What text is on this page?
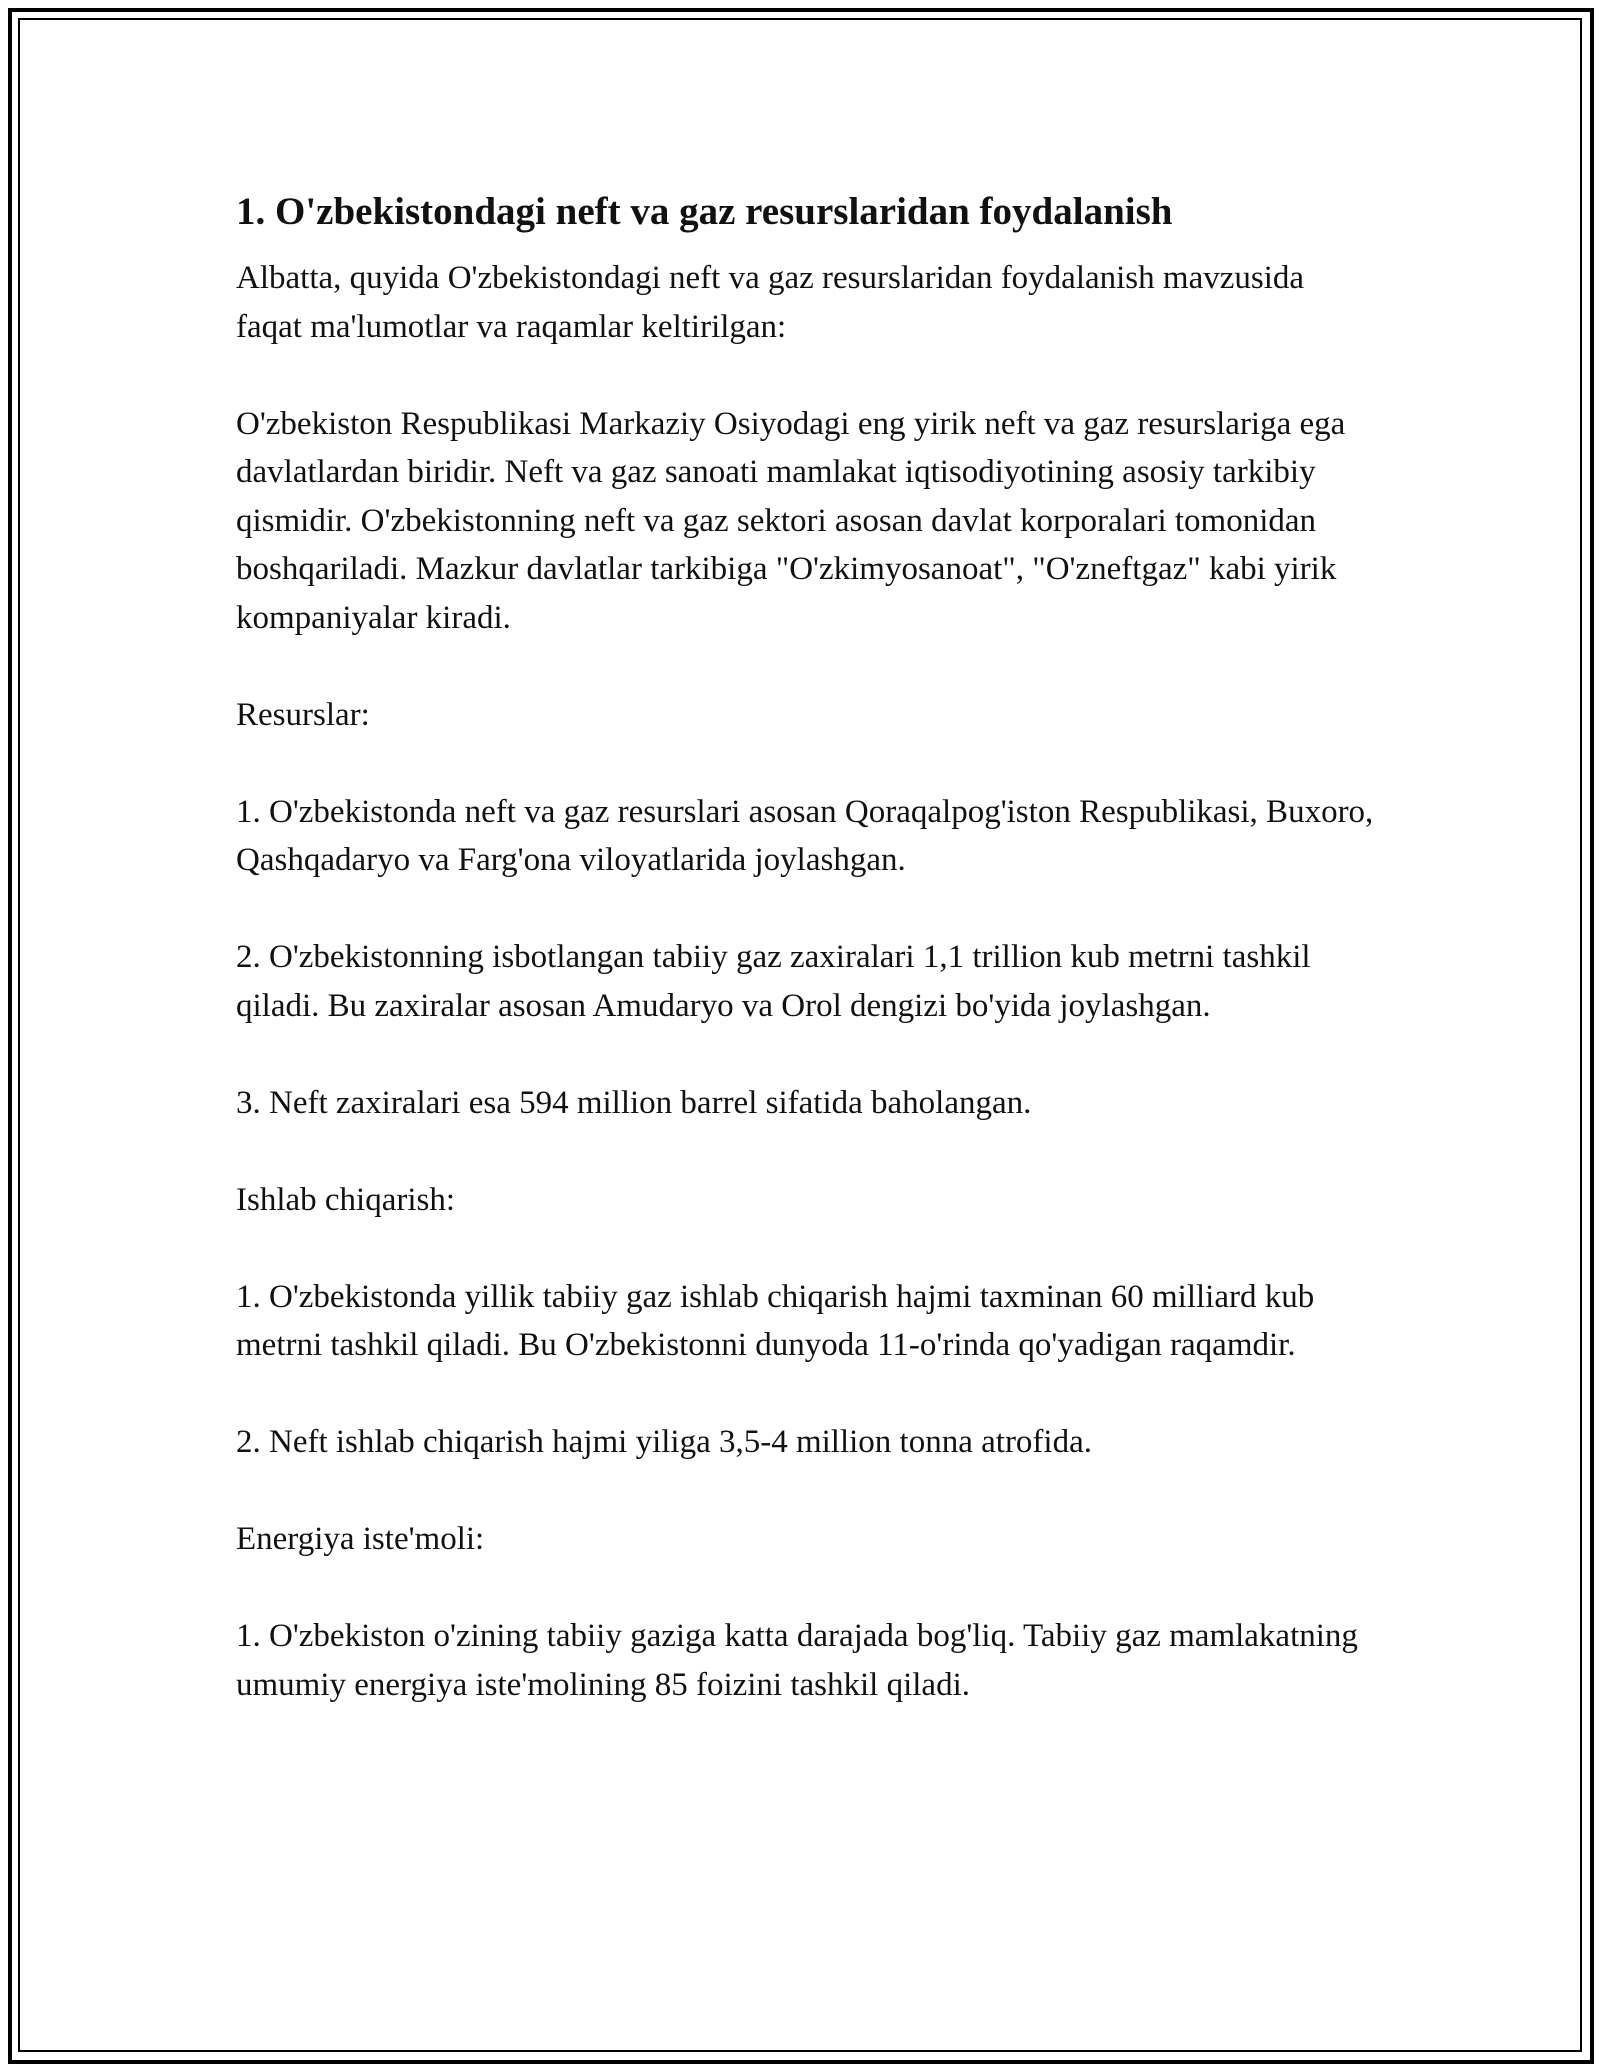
1. O'zbekistondagi neft va gaz resurslaridan foydalanish

Albatta, quyida O'zbekistondagi neft va gaz resurslaridan foydalanish mavzusida faqat ma'lumotlar va raqamlar keltirilgan:

O'zbekiston Respublikasi Markaziy Osiyodagi eng yirik neft va gaz resurslariga ega davlatlardan biridir. Neft va gaz sanoati mamlakat iqtisodiyotining asosiy tarkibiy qismidir. O'zbekistonning neft va gaz sektori asosan davlat korporalari tomonidan boshqariladi. Mazkur davlatlar tarkibiga "O'zkimyosanoat", "O'zneftgaz" kabi yirik kompaniyalar kiradi.

Resurslar:

1. O'zbekistonda neft va gaz resurslari asosan Qoraqalpog'iston Respublikasi, Buxoro, Qashqadaryo va Farg'ona viloyatlarida joylashgan.

2. O'zbekistonning isbotlangan tabiiy gaz zaxiralari 1,1 trillion kub metrni tashkil qiladi. Bu zaxiralar asosan Amudaryo va Orol dengizi bo'yida joylashgan.

3. Neft zaxiralari esa 594 million barrel sifatida baholangan.

Ishlab chiqarish:

1. O'zbekistonda yillik tabiiy gaz ishlab chiqarish hajmi taxminan 60 milliard kub metrni tashkil qiladi. Bu O'zbekistonni dunyoda 11-o'rinda qo'yadigan raqamdir.

2. Neft ishlab chiqarish hajmi yiliga 3,5-4 million tonna atrofida.

Energiya iste'moli:

1. O'zbekiston o'zining tabiiy gaziga katta darajada bog'liq. Tabiiy gaz mamlakatning umumiy energiya iste'molining 85 foizini tashkil qiladi.
